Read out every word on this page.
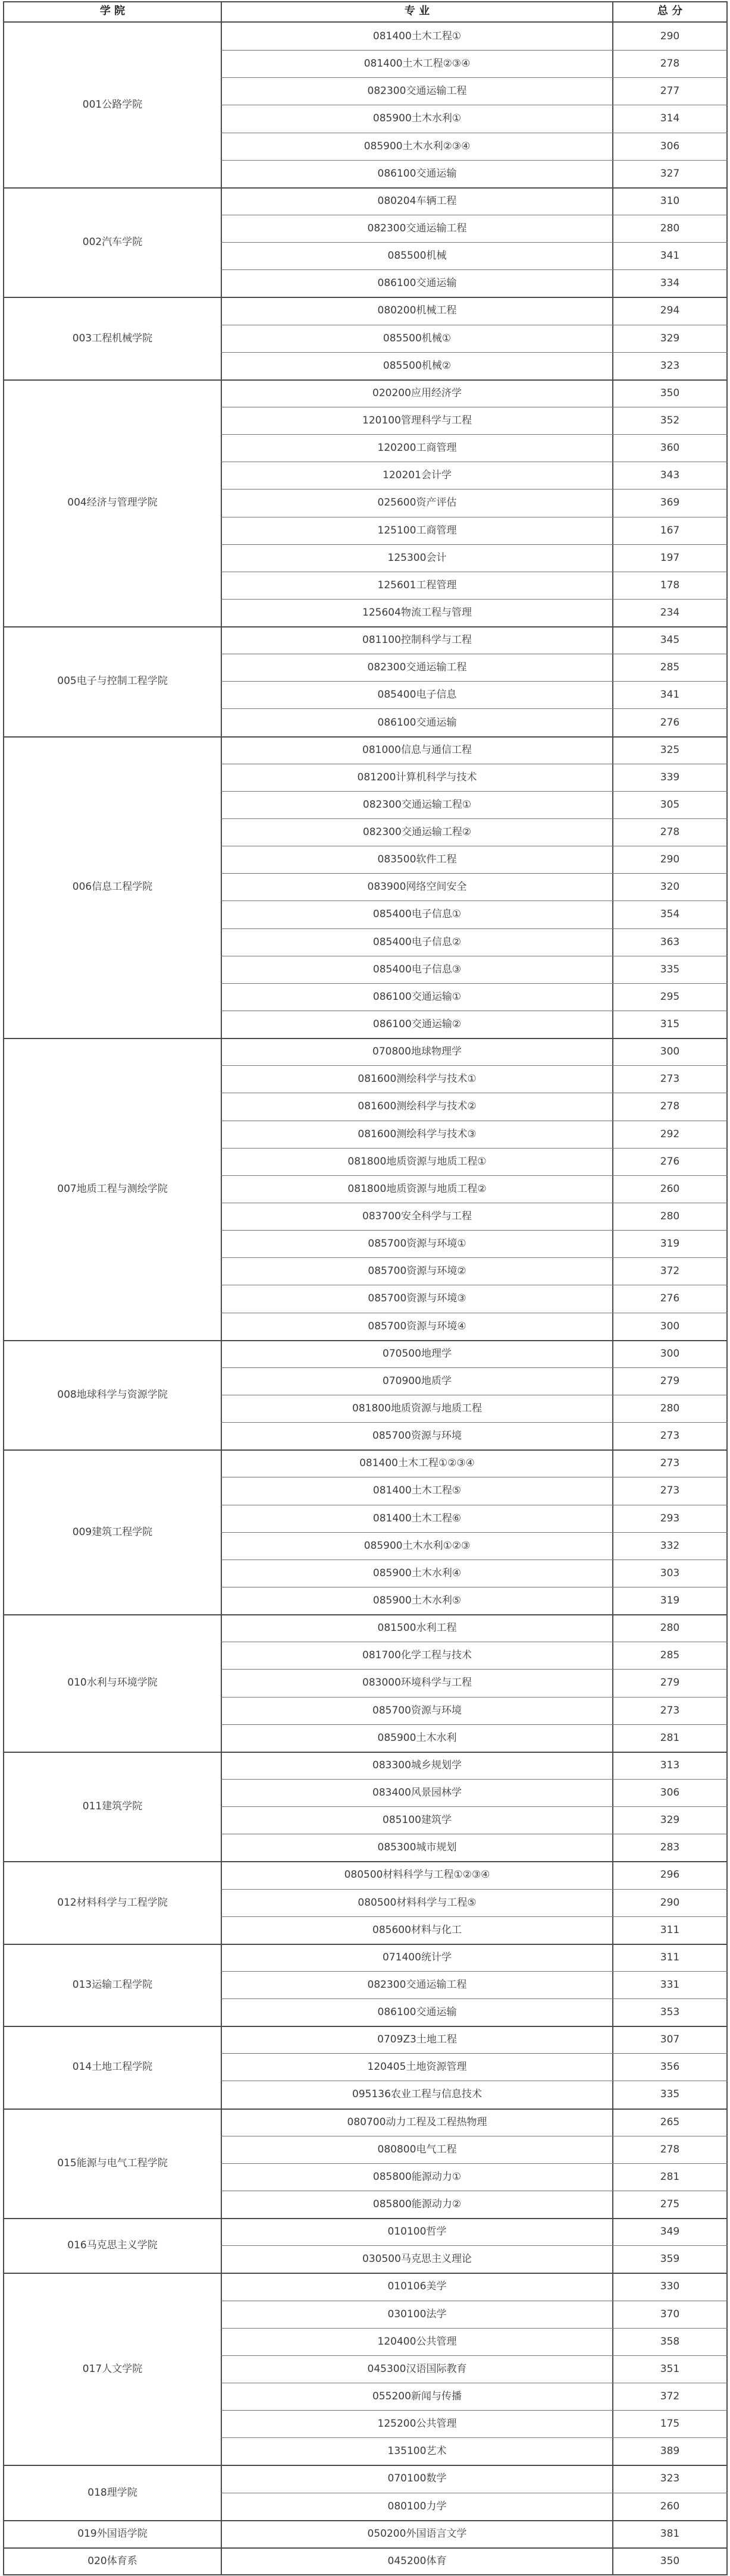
学 院	专 业	总 分
001公路学院
081400土木工程①	290
081400土木工程②③④	278
082300交通运输工程	277
085900土木水利①	314
085900土木水利②③④	306
086100交通运输	327
002汽车学院
080204车辆工程	310
082300交通运输工程	280
085500机械	341
086100交通运输	334
003工程机械学院
080200机械工程	294
085500机械①	329
085500机械②	323
004经济与管理学院
020200应用经济学	350
120100管理科学与工程	352
120200工商管理	360
120201会计学	343
025600资产评估	369
125100工商管理	167
125300会计	197
125601工程管理	178
125604物流工程与管理	234
005电子与控制工程学院
081100控制科学与工程	345
082300交通运输工程	285
085400电子信息	341
086100交通运输	276
006信息工程学院
081000信息与通信工程	325
081200计算机科学与技术	339
082300交通运输工程①	305
082300交通运输工程②	278
083500软件工程	290
083900网络空间安全	320
085400电子信息①	354
085400电子信息②	363
085400电子信息③	335
086100交通运输①	295
086100交通运输②	315
007地质工程与测绘学院
070800地球物理学	300
081600测绘科学与技术①	273
081600测绘科学与技术②	278
081600测绘科学与技术③	292
081800地质资源与地质工程①	276
081800地质资源与地质工程②	260
083700安全科学与工程	280
085700资源与环境①	319
085700资源与环境②	372
085700资源与环境③	276
085700资源与环境④	300
008地球科学与资源学院
070500地理学	300
070900地质学	279
081800地质资源与地质工程	280
085700资源与环境	273
009建筑工程学院
081400土木工程①②③④	273
081400土木工程⑤	273
081400土木工程⑥	293
085900土木水利①②③	332
085900土木水利④	303
085900土木水利⑤	319
010水利与环境学院
081500水利工程	280
081700化学工程与技术	285
083000环境科学与工程	279
085700资源与环境	273
085900土木水利	281
011建筑学院
083300城乡规划学	313
083400风景园林学	306
085100建筑学	329
085300城市规划	283
012材料科学与工程学院
080500材料科学与工程①②③④	296
080500材料科学与工程⑤	290
085600材料与化工	311
013运输工程学院
071400统计学	311
082300交通运输工程	331
086100交通运输	353
014土地工程学院
0709Z3土地工程	307
120405土地资源管理	356
095136农业工程与信息技术	335
015能源与电气工程学院
080700动力工程及工程热物理	265
080800电气工程	278
085800能源动力①	281
085800能源动力②	275
016马克思主义学院
010100哲学	349
030500马克思主义理论	359
017人文学院
010106美学	330
030100法学	370
120400公共管理	358
045300汉语国际教育	351
055200新闻与传播	372
125200公共管理	175
135100艺术	389
018理学院
070100数学	323
080100力学	260
019外国语学院	050200外国语言文学	381
020体育系	045200体育	350
